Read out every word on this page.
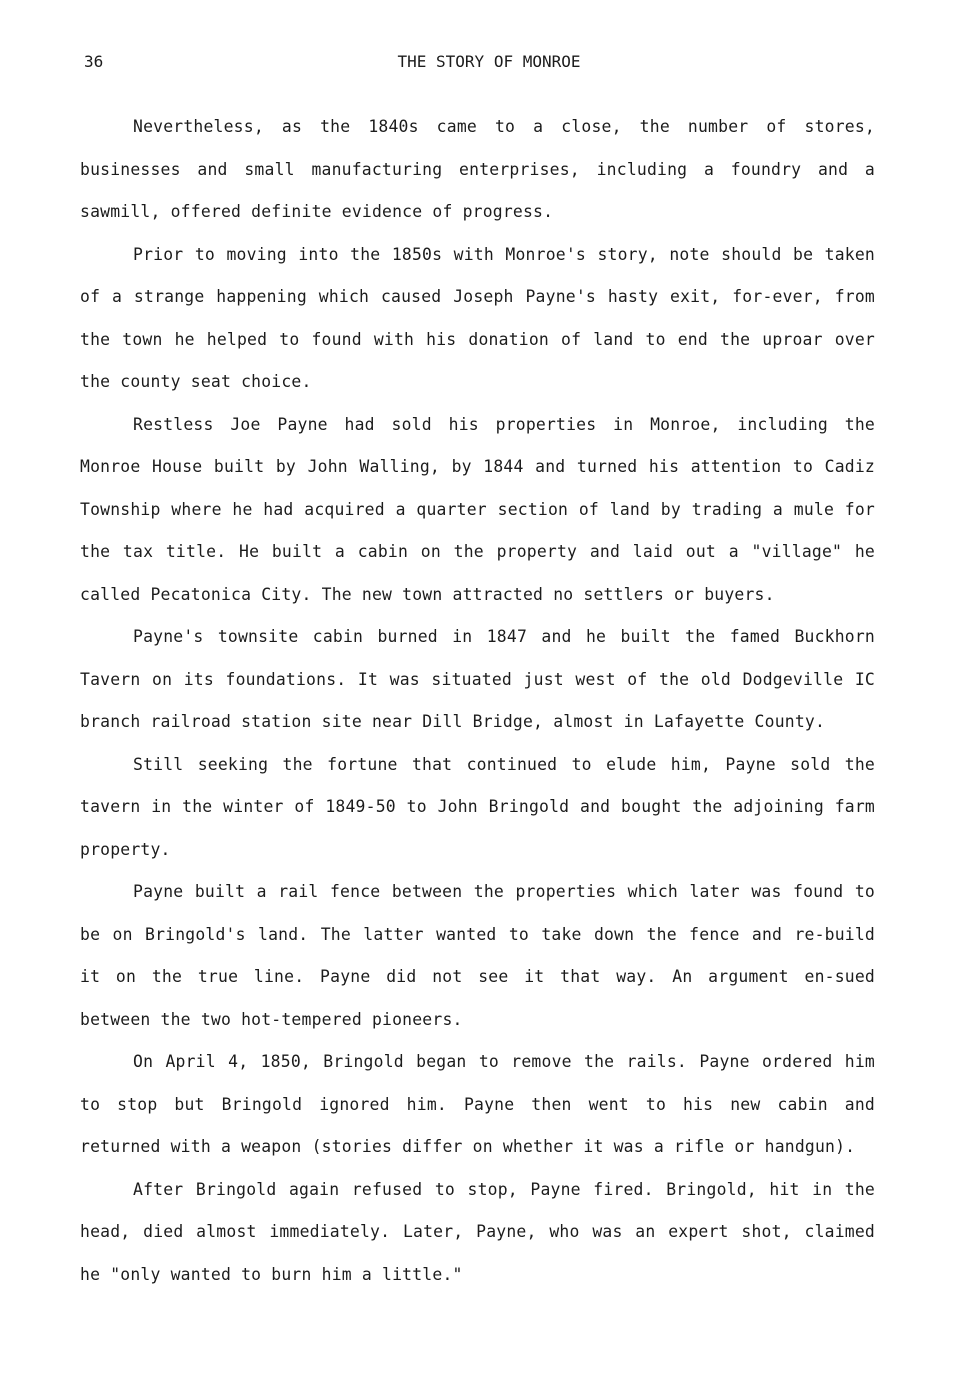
36	THE STORY OF MONROE

Nevertheless, as the 1840s came to a close, the number of stores, businesses and small manufacturing enterprises, including a foundry and a sawmill, offered definite evidence of progress.

Prior to moving into the 1850s with Monroe's story, note should be taken of a strange happening which caused Joseph Payne's hasty exit, for-ever, from the town he helped to found with his donation of land to end the uproar over the county seat choice.

Restless Joe Payne had sold his properties in Monroe, including the Monroe House built by John Walling, by 1844 and turned his attention to Cadiz Township where he had acquired a quarter section of land by trading a mule for the tax title. He built a cabin on the property and laid out a "village" he called Pecatonica City. The new town attracted no settlers or buyers.

Payne's townsite cabin burned in 1847 and he built the famed Buckhorn Tavern on its foundations. It was situated just west of the old Dodgeville IC branch railroad station site near Dill Bridge, almost in Lafayette County.

Still seeking the fortune that continued to elude him, Payne sold the tavern in the winter of 1849-50 to John Bringold and bought the adjoining farm property.

Payne built a rail fence between the properties which later was found to be on Bringold's land. The latter wanted to take down the fence and re-build it on the true line. Payne did not see it that way. An argument en-sued between the two hot-tempered pioneers.

On April 4, 1850, Bringold began to remove the rails. Payne ordered him to stop but Bringold ignored him. Payne then went to his new cabin and returned with a weapon (stories differ on whether it was a rifle or handgun).

After Bringold again refused to stop, Payne fired. Bringold, hit in the head, died almost immediately. Later, Payne, who was an expert shot, claimed he "only wanted to burn him a little."
